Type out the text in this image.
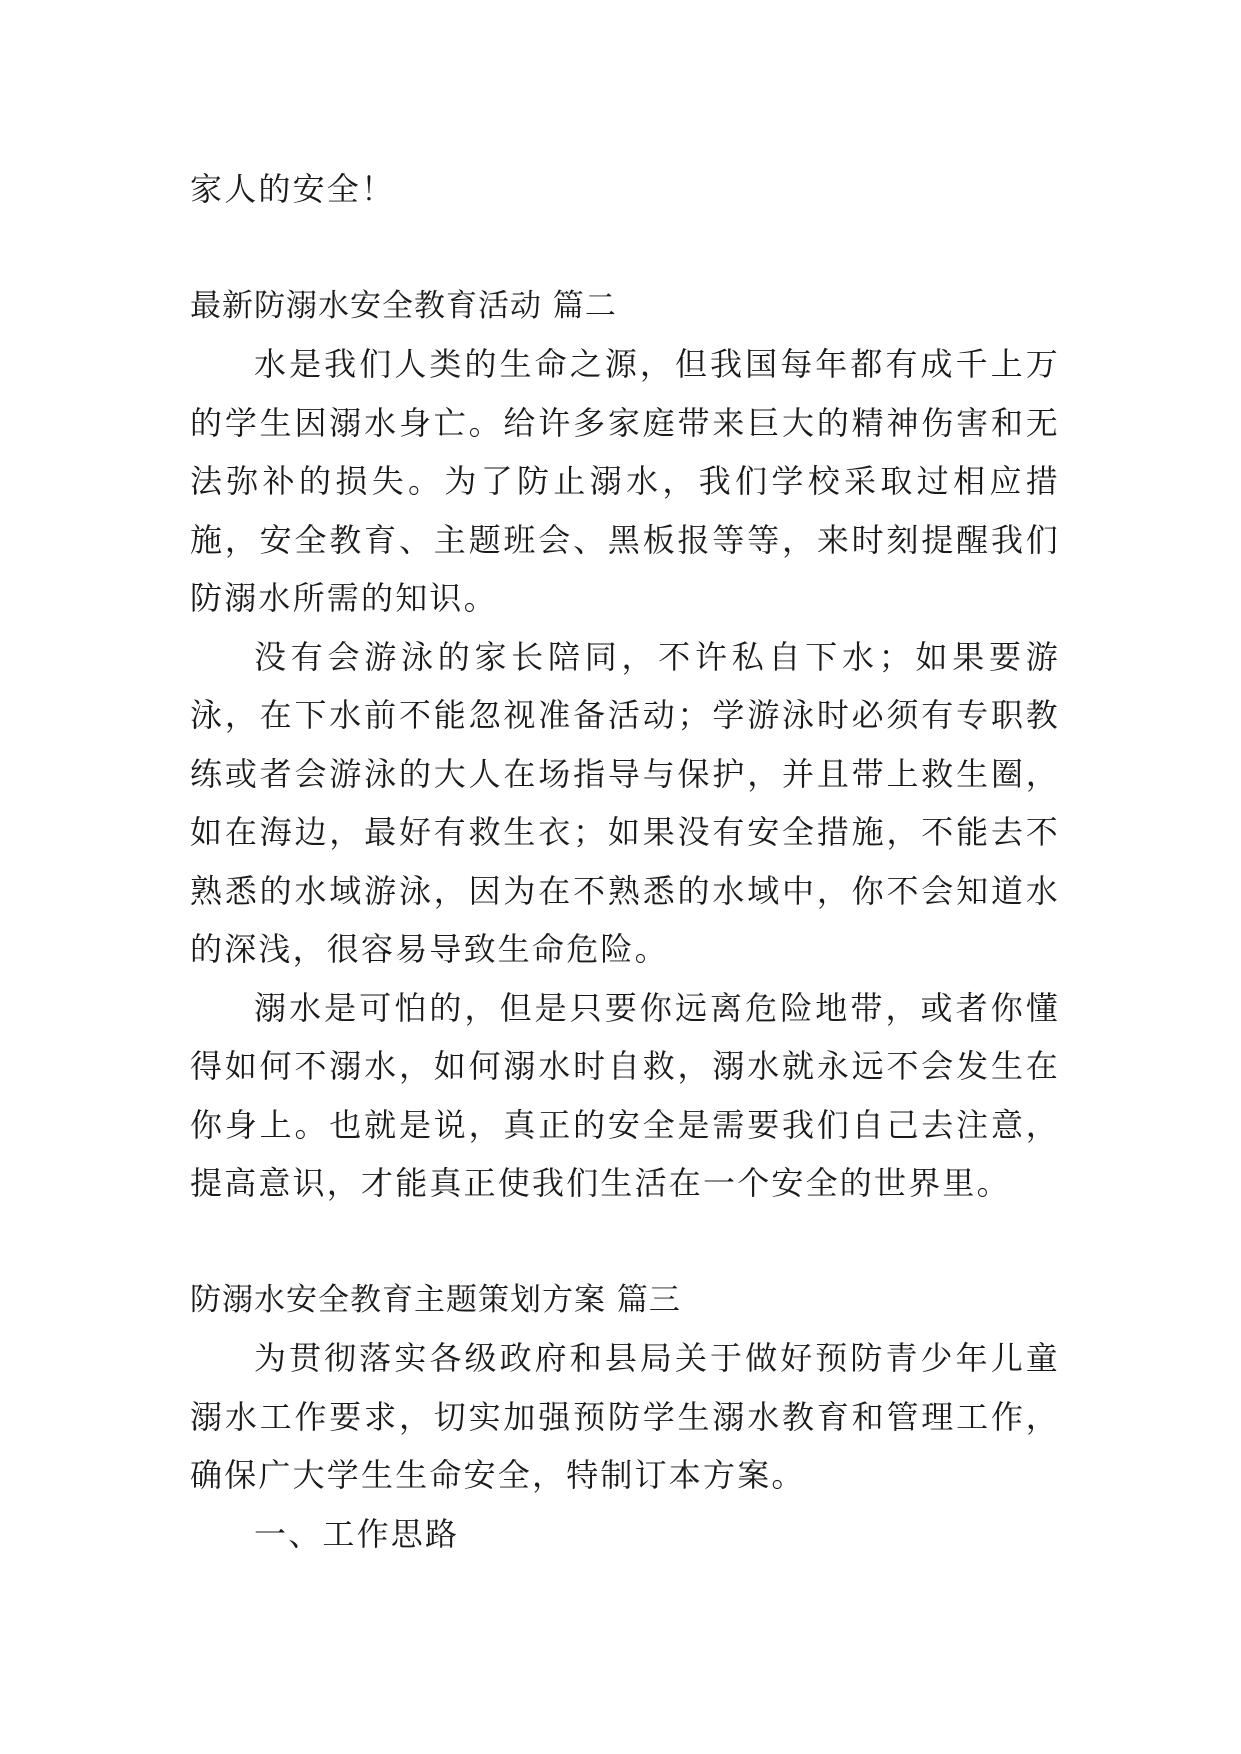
家人的安全！

最新防溺水安全教育活动 篇二

水是我们人类的生命之源，但我国每年都有成千上万的学生因溺水身亡。给许多家庭带来巨大的精神伤害和无法弥补的损失。为了防止溺水，我们学校采取过相应措施，安全教育、主题班会、黑板报等等，来时刻提醒我们防溺水所需的知识。

没有会游泳的家长陪同，不许私自下水；如果要游泳，在下水前不能忽视准备活动；学游泳时必须有专职教练或者会游泳的大人在场指导与保护，并且带上救生圈，如在海边，最好有救生衣；如果没有安全措施，不能去不熟悉的水域游泳，因为在不熟悉的水域中，你不会知道水的深浅，很容易导致生命危险。

溺水是可怕的，但是只要你远离危险地带，或者你懂得如何不溺水，如何溺水时自救，溺水就永远不会发生在你身上。也就是说，真正的安全是需要我们自己去注意，提高意识，才能真正使我们生活在一个安全的世界里。

防溺水安全教育主题策划方案 篇三

为贯彻落实各级政府和县局关于做好预防青少年儿童溺水工作要求，切实加强预防学生溺水教育和管理工作，确保广大学生生命安全，特制订本方案。

一、工作思路
